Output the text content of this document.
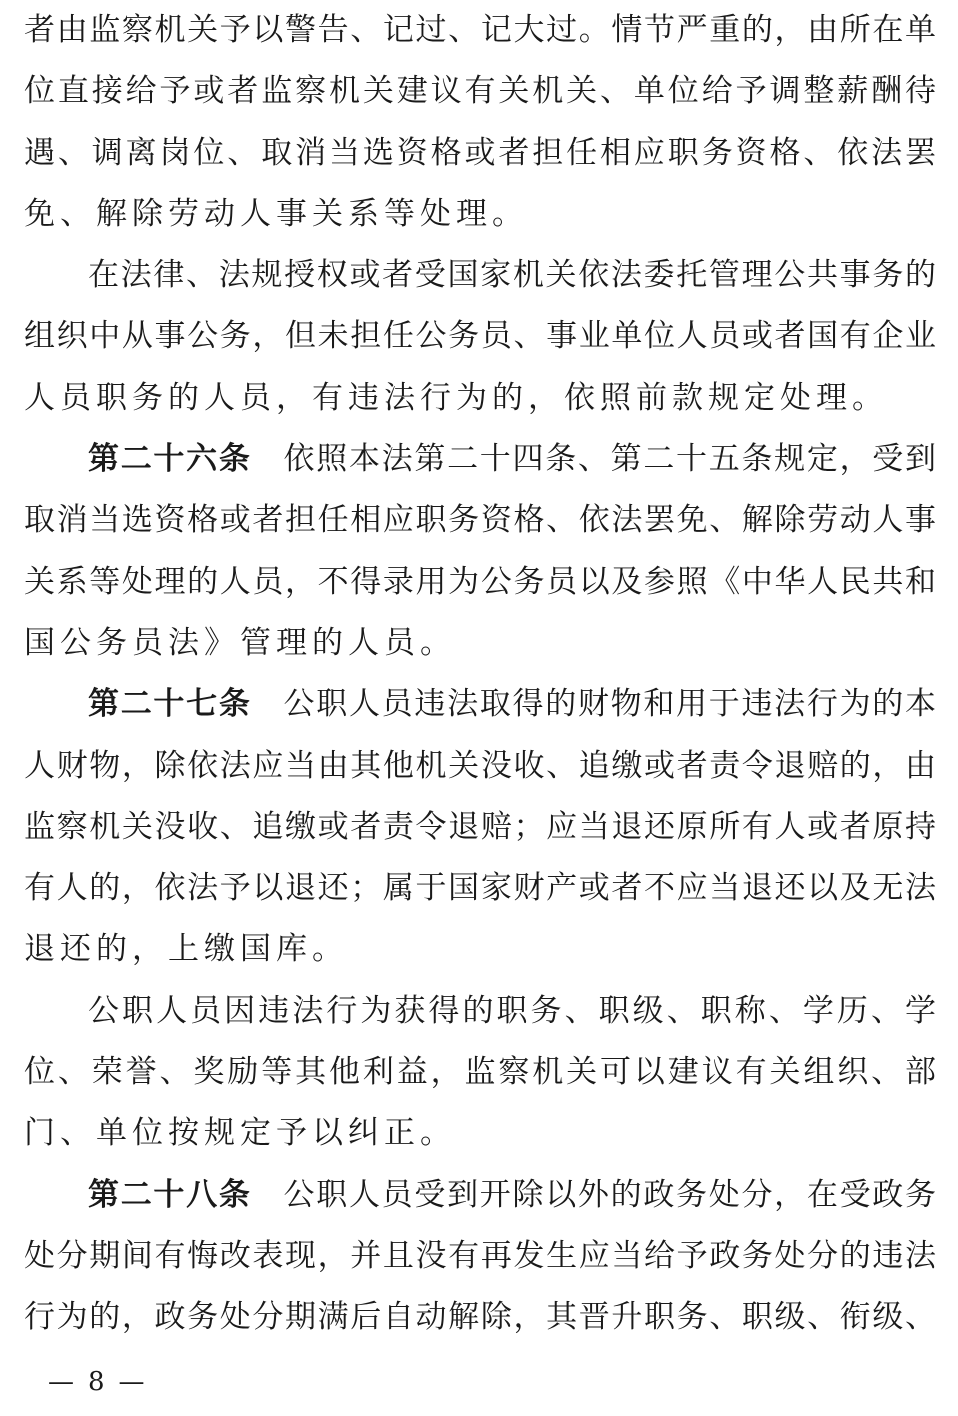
者由监察机关予以警告、记过、记大过。情节严重的，由所在单
位直接给予或者监察机关建议有关机关、单位给予调整薪酬待
遇、调离岗位、取消当选资格或者担任相应职务资格、依法罢
免、解除劳动人事关系等处理。
在法律、法规授权或者受国家机关依法委托管理公共事务的
组织中从事公务，但未担任公务员、事业单位人员或者国有企业
人员职务的人员，有违法行为的，依照前款规定处理。
第二十六条 依照本法第二十四条、第二十五条规定，受到
取消当选资格或者担任相应职务资格、依法罢免、解除劳动人事
关系等处理的人员，不得录用为公务员以及参照《中华人民共和
国公务员法》管理的人员。
第二十七条 公职人员违法取得的财物和用于违法行为的本
人财物，除依法应当由其他机关没收、追缴或者责令退赔的，由
监察机关没收、追缴或者责令退赔；应当退还原所有人或者原持
有人的，依法予以退还；属于国家财产或者不应当退还以及无法
退还的，上缴国库。
公职人员因违法行为获得的职务、职级、职称、学历、学
位、荣誉、奖励等其他利益，监察机关可以建议有关组织、部
门、单位按规定予以纠正。
第二十八条 公职人员受到开除以外的政务处分，在受政务
处分期间有悔改表现，并且没有再发生应当给予政务处分的违法
行为的，政务处分期满后自动解除，其晋升职务、职级、衔级、
— 8 —
